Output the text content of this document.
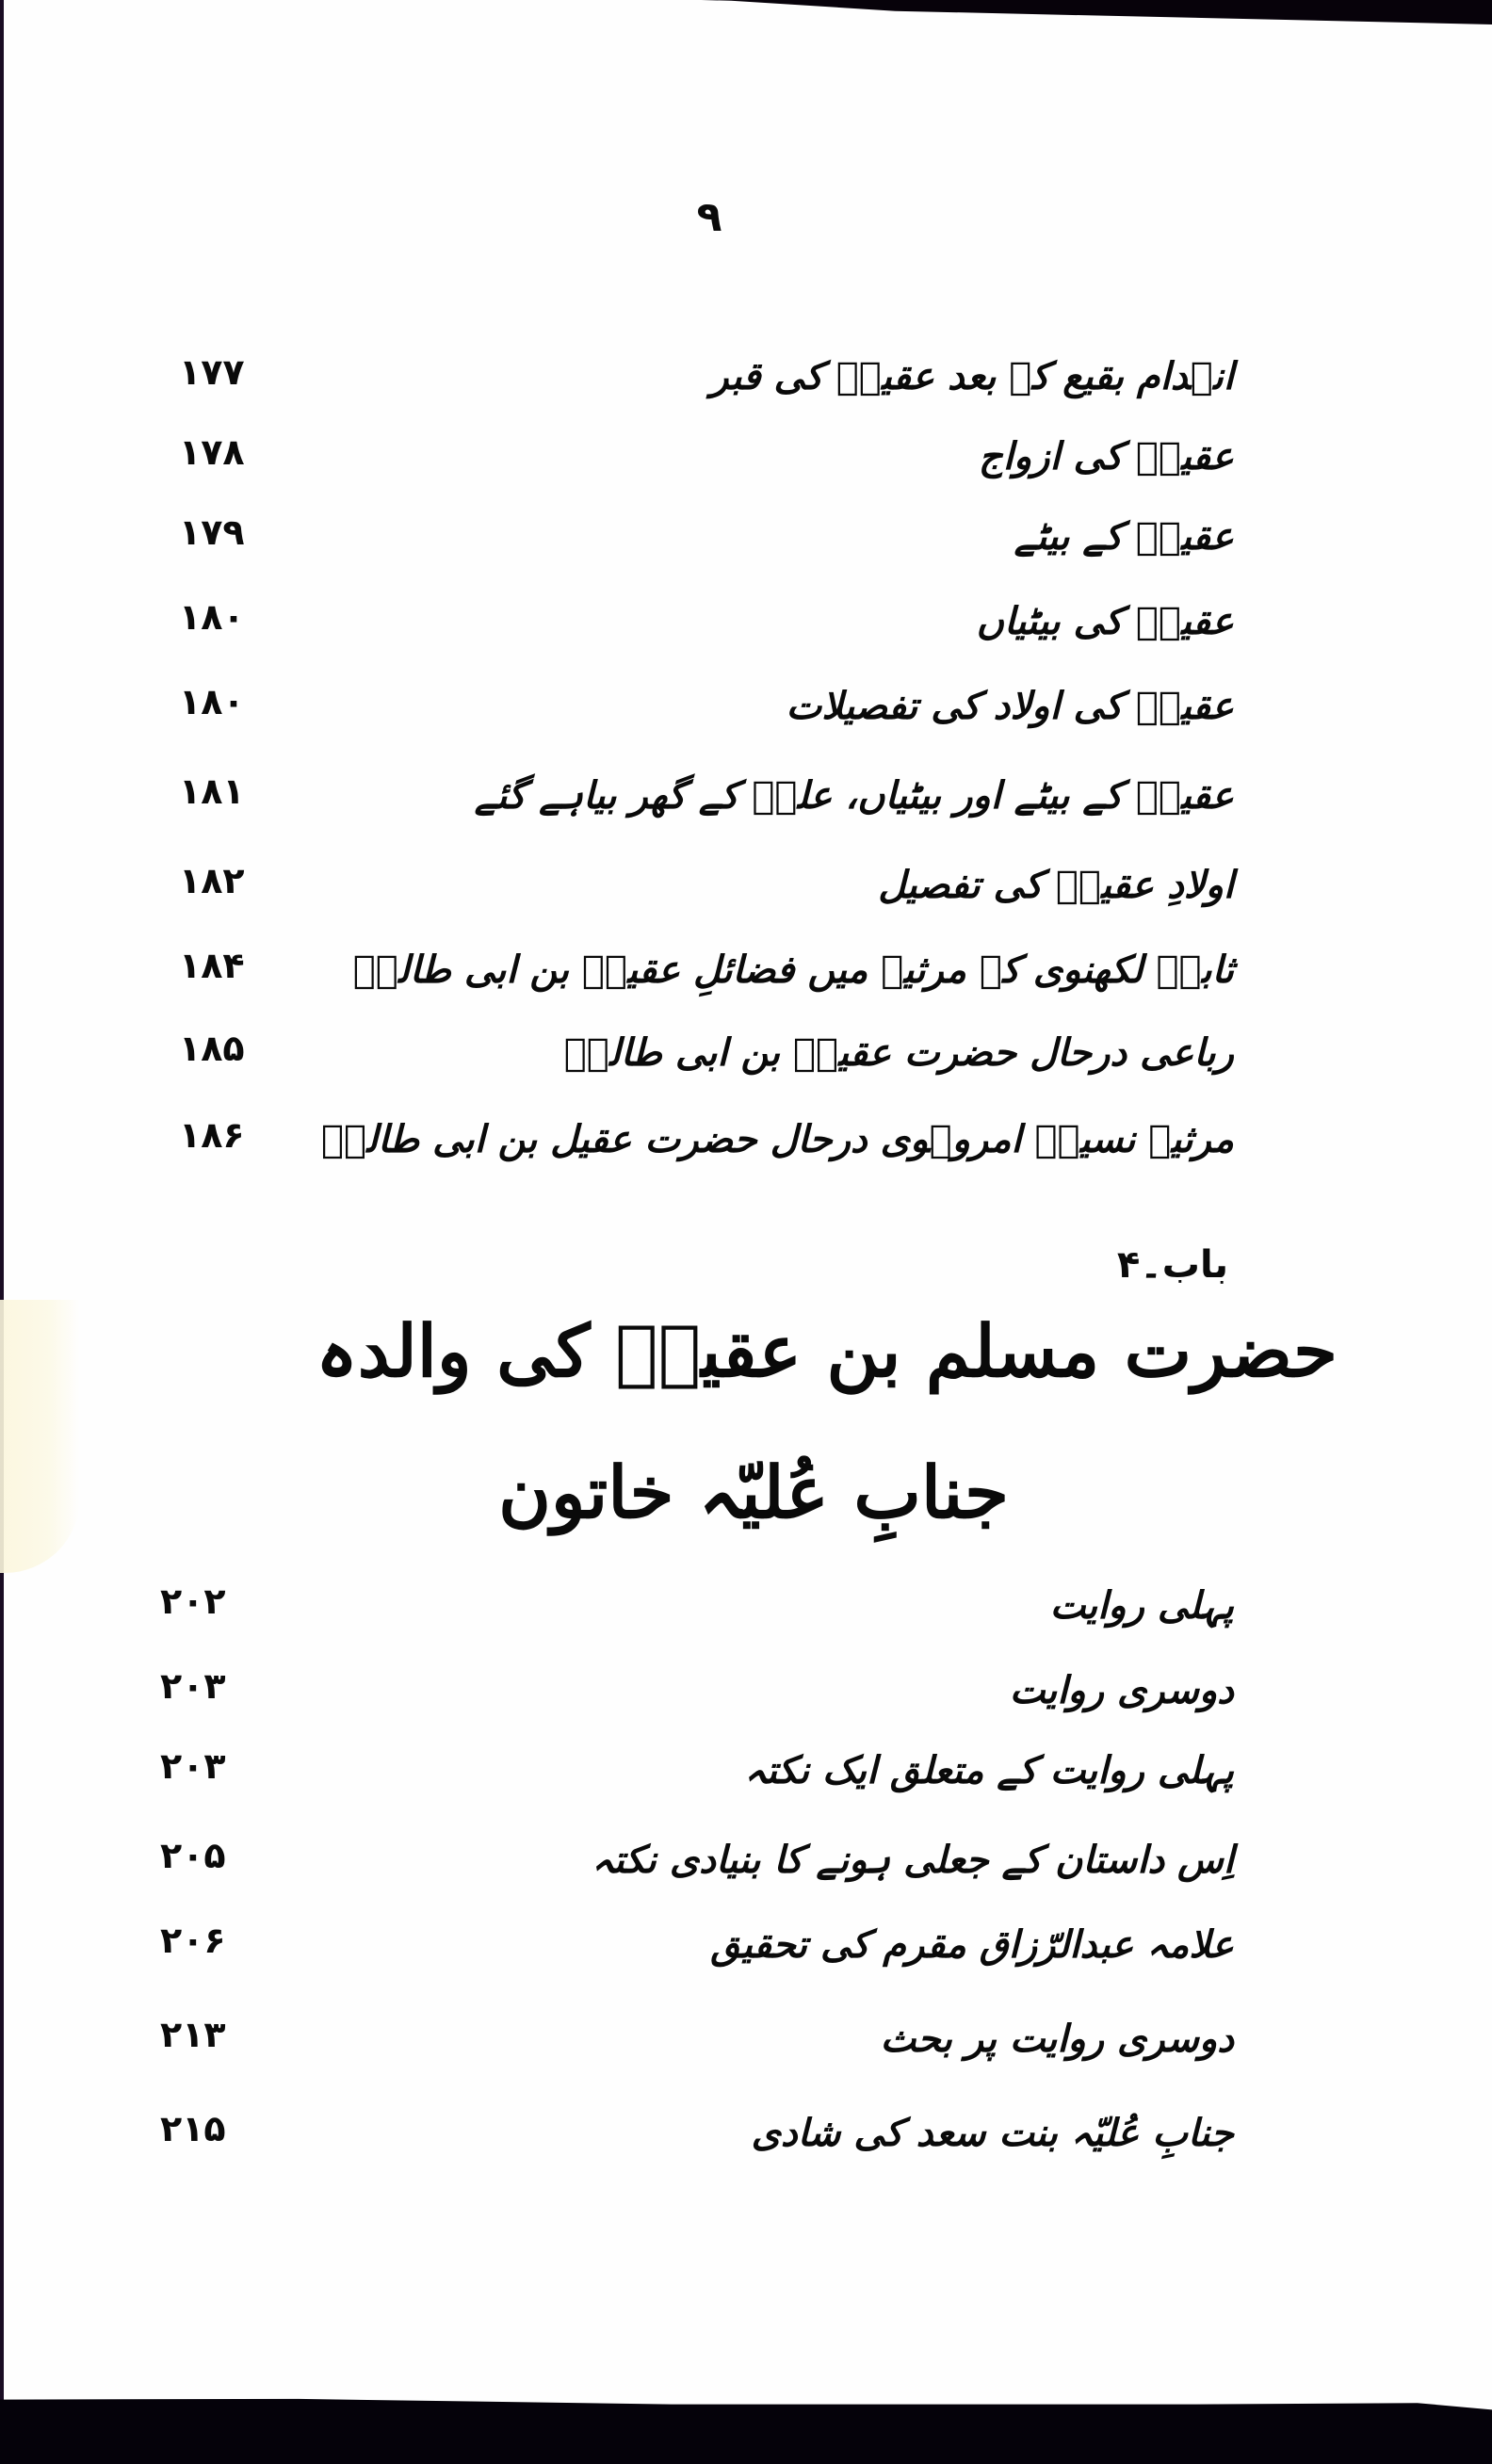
۹
انہدام بقیع کے بعد عقیلؑ کی قبر
۱۷۷
عقیلؑ کی ازواج
۱۷۸
عقیلؑ کے بیٹے
۱۷۹
عقیلؑ کی بیٹیاں
۱۸۰
عقیلؑ کی اولاد کی تفصیلات
۱۸۰
عقیلؑ کے بیٹے اور بیٹیاں، علیؑ کے گھر بیاہے گئے
۱۸۱
اولادِ عقیلؑ کی تفصیل
۱۸۲
ثابتؔ لکھنوی کے مرثیے میں فضائلِ عقیلؑ بن ابی طالبؑ
۱۸۴
رباعی درحال حضرت عقیلؑ بن ابی طالبؑ
۱۸۵
مرثیہ نسیمؔ امروہوی درحال حضرت عقیل بن ابی طالبؑ
۱۸۶
باب۔۴
حضرت مسلم بن عقیلؑ کی والدہ
جنابِ عُلیّہ خاتون
پہلی روایت
۲۰۲
دوسری روایت
۲۰۳
پہلی روایت کے متعلق ایک نکتہ
۲۰۳
اِس داستان کے جعلی ہونے کا بنیادی نکتہ
۲۰۵
علامہ عبدالرّزاق مقرم کی تحقیق
۲۰۶
دوسری روایت پر بحث
۲۱۳
جنابِ عُلیّہ بنت سعد کی شادی
۲۱۵
